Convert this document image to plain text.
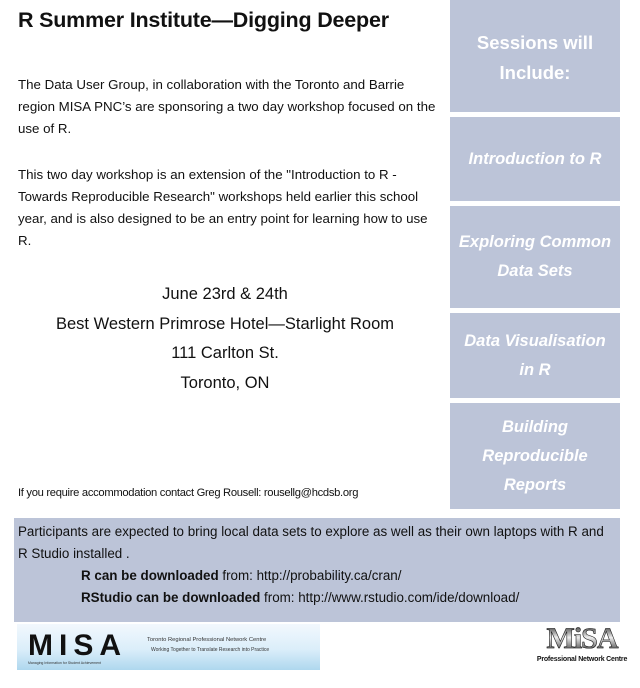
R Summer Institute—Digging Deeper
The Data User Group, in collaboration with the Toronto and Barrie region MISA PNC’s are sponsoring a two day workshop focused on the use of R.
This two day workshop is an extension of the "Introduction to R - Towards Reproducible Research" workshops held earlier this school year, and is also designed to be an entry point for learning how to use R.
June 23rd & 24th
Best Western Primrose Hotel—Starlight Room
111 Carlton St.
Toronto, ON
If you require accommodation contact Greg Rousell: rousellg@hcdsb.org
Sessions will
Include:
Introduction to R
Exploring Common
Data Sets
Data Visualisation
in R
Building
Reproducible
Reports
Participants are expected to bring local data sets to explore as well as their own laptops with R and R Studio installed .
R can be downloaded from: http://probability.ca/cran/
RStudio can be downloaded from: http://www.rstudio.com/ide/download/
MISA
Managing Information for Student Achievement
Toronto Regional Professional Network Centre
Working Together to Translate Research into Practice	MiSA
Professional Network Centre
